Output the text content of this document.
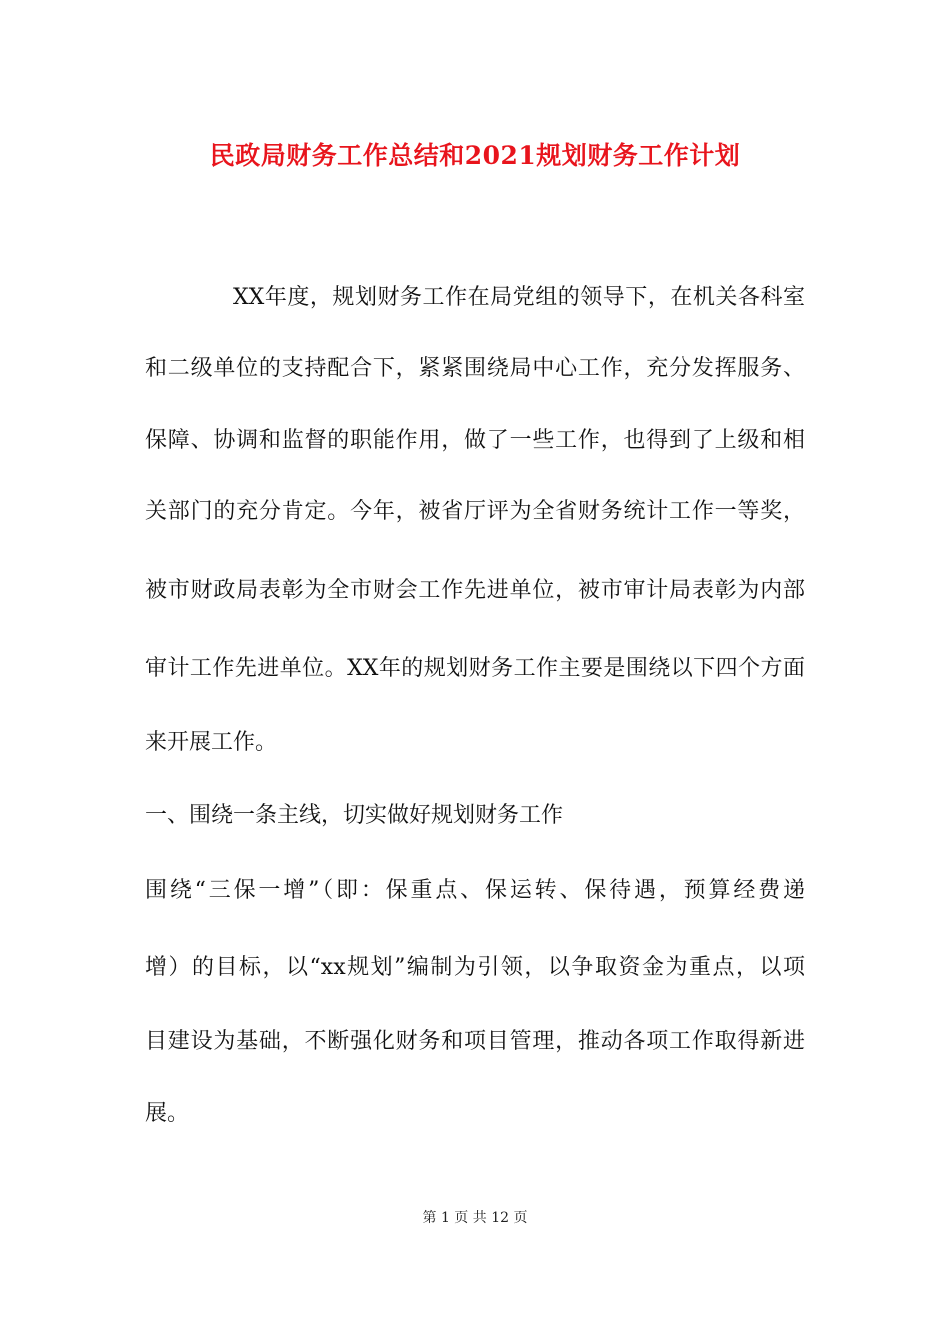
民政局财务工作总结和2021规划财务工作计划
XX年度，规划财务工作在局党组的领导下，在机关各科室
和二级单位的支持配合下，紧紧围绕局中心工作，充分发挥服务、
保障、协调和监督的职能作用，做了一些工作，也得到了上级和相
关部门的充分肯定。今年，被省厅评为全省财务统计工作一等奖，
被市财政局表彰为全市财会工作先进单位，被市审计局表彰为内部
审计工作先进单位。XX年的规划财务工作主要是围绕以下四个方面
来开展工作。
一、围绕一条主线，切实做好规划财务工作
围绕“三保一增”（即：保重点、保运转、保待遇，预算经费递
增）的目标，以“xx规划”编制为引领，以争取资金为重点，以项
目建设为基础，不断强化财务和项目管理，推动各项工作取得新进
展。
第 1 页 共 12 页
